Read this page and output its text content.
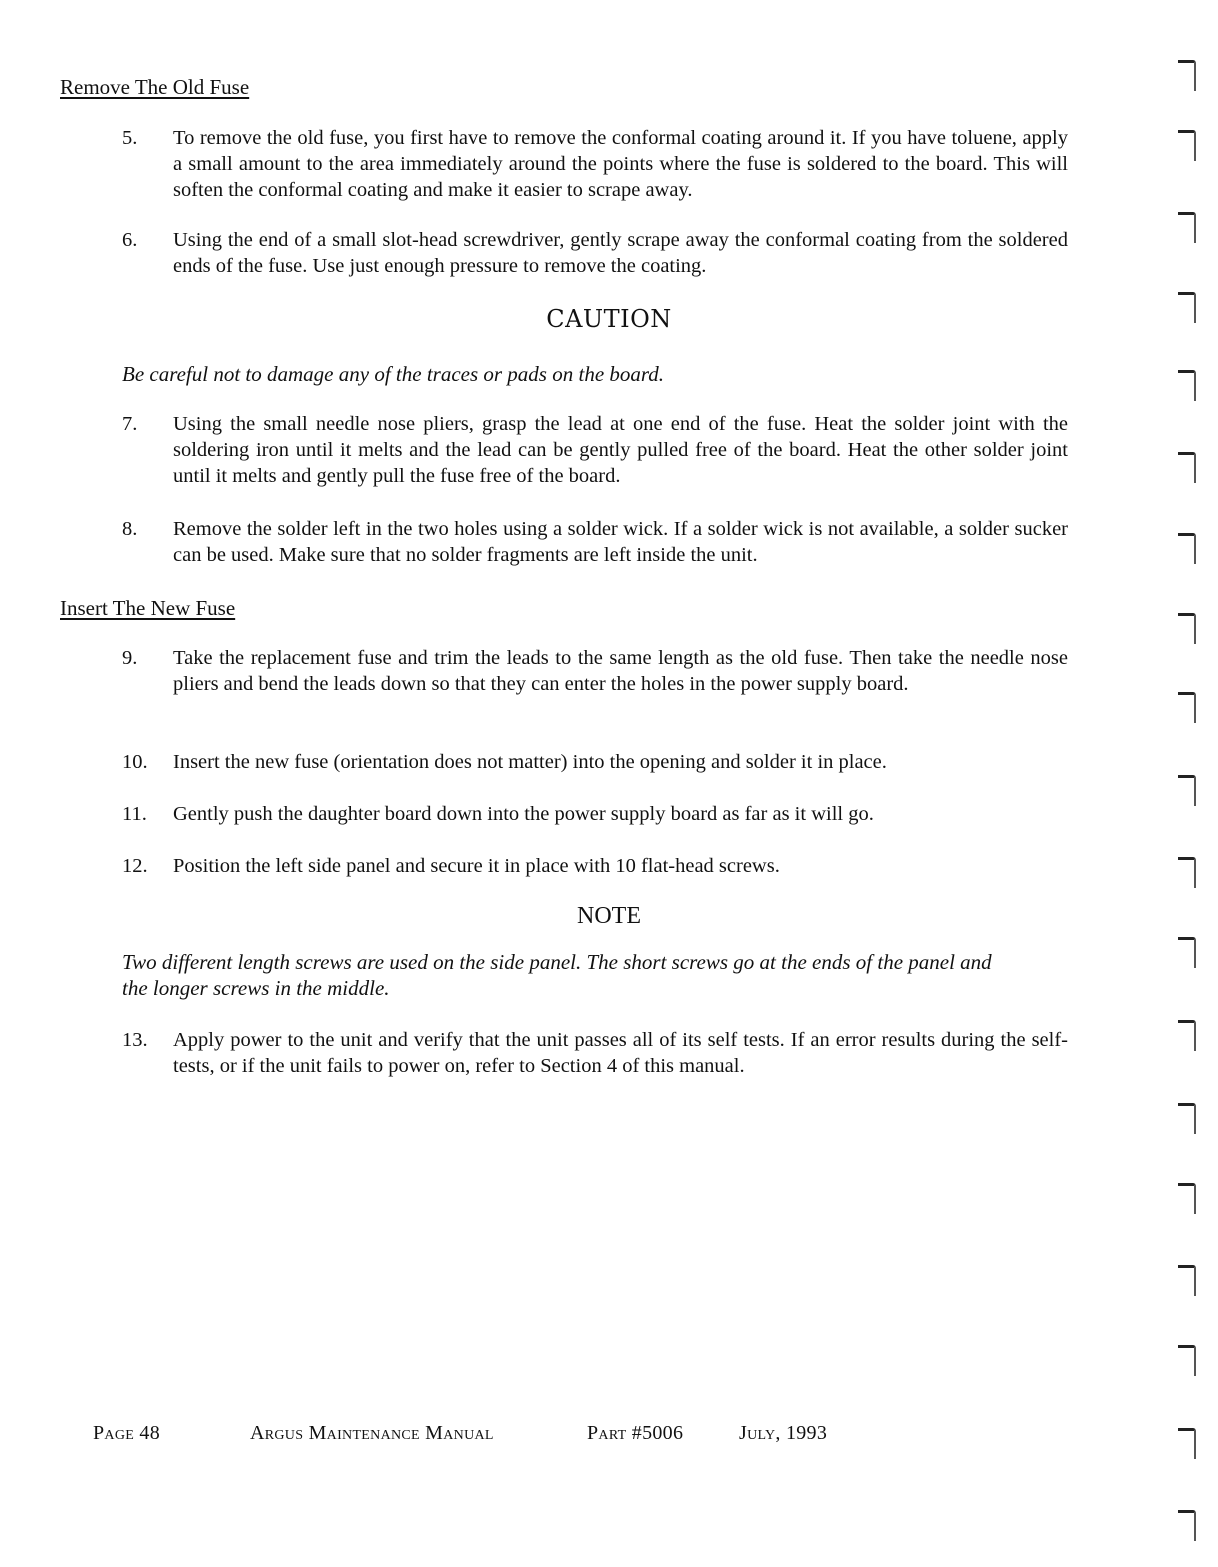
Remove The Old Fuse
5.	To remove the old fuse, you first have to remove the conformal coating around it. If you have toluene, apply a small amount to the area immediately around the points where the fuse is soldered to the board. This will soften the conformal coating and make it easier to scrape away.
6.	Using the end of a small slot-head screwdriver, gently scrape away the conformal coating from the soldered ends of the fuse. Use just enough pressure to remove the coating.
CAUTION

Be careful not to damage any of the traces or pads on the board.

7.	Using the small needle nose pliers, grasp the lead at one end of the fuse. Heat the solder joint with the soldering iron until it melts and the lead can be gently pulled free of the board. Heat the other solder joint until it melts and gently pull the fuse free of the board.
8.	Remove the solder left in the two holes using a solder wick. If a solder wick is not available, a solder sucker can be used. Make sure that no solder fragments are left inside the unit.
Insert The New Fuse
9.	Take the replacement fuse and trim the leads to the same length as the old fuse. Then take the needle nose pliers and bend the leads down so that they can enter the holes in the power supply board.
10.	Insert the new fuse (orientation does not matter) into the opening and solder it in place.
11.	Gently push the daughter board down into the power supply board as far as it will go.
12.	Position the left side panel and secure it in place with 10 flat-head screws.
NOTE

Two different length screws are used on the side panel. The short screws go at the ends of the panel and the longer screws in the middle.

13.	Apply power to the unit and verify that the unit passes all of its self tests. If an error results during the self-tests, or if the unit fails to power on, refer to Section 4 of this manual.
Page 48	Argus Maintenance Manual	Part #5006	July, 1993
